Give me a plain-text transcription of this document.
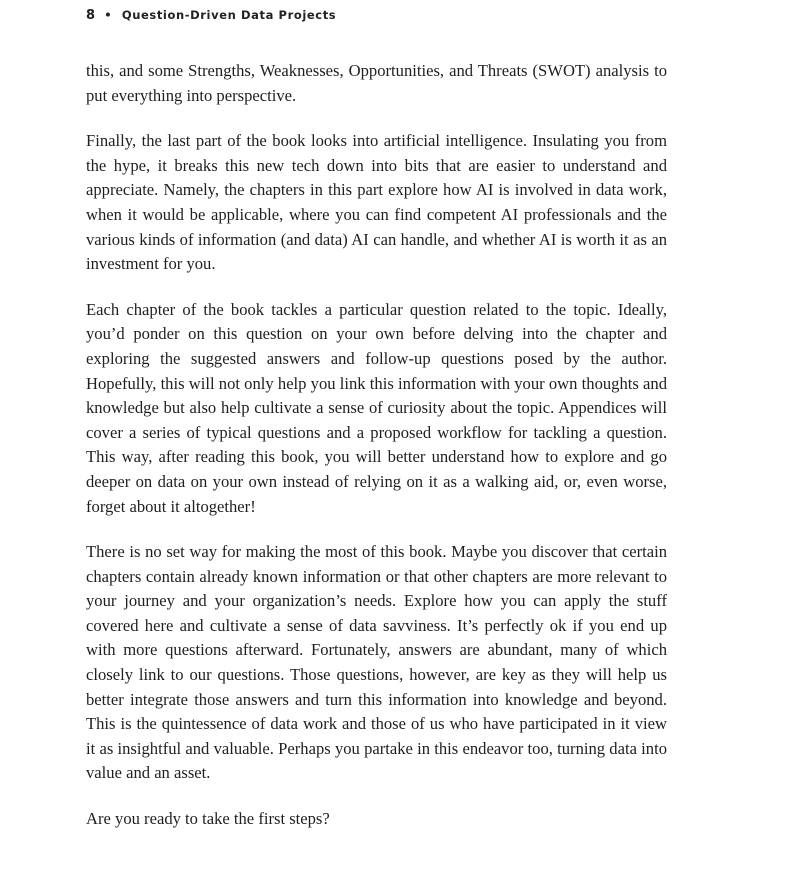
8 • Question-Driven Data Projects

this, and some Strengths, Weaknesses, Opportunities, and Threats (SWOT) analysis to put everything into perspective.

Finally, the last part of the book looks into artificial intelligence. Insulating you from the hype, it breaks this new tech down into bits that are easier to understand and appreciate. Namely, the chapters in this part explore how AI is involved in data work, when it would be applicable, where you can find competent AI professionals and the various kinds of information (and data) AI can handle, and whether AI is worth it as an investment for you.

Each chapter of the book tackles a particular question related to the topic. Ideally, you’d ponder on this question on your own before delving into the chapter and exploring the suggested answers and follow-up questions posed by the author. Hopefully, this will not only help you link this information with your own thoughts and knowledge but also help cultivate a sense of curiosity about the topic. Appendices will cover a series of typical questions and a proposed workflow for tackling a question. This way, after reading this book, you will better understand how to explore and go deeper on data on your own instead of relying on it as a walking aid, or, even worse, forget about it altogether!

There is no set way for making the most of this book. Maybe you discover that certain chapters contain already known information or that other chapters are more relevant to your journey and your organization’s needs. Explore how you can apply the stuff covered here and cultivate a sense of data savviness. It’s perfectly ok if you end up with more questions afterward. Fortunately, answers are abundant, many of which closely link to our questions. Those questions, however, are key as they will help us better integrate those answers and turn this information into knowledge and beyond. This is the quintessence of data work and those of us who have participated in it view it as insightful and valuable. Perhaps you partake in this endeavor too, turning data into value and an asset.

Are you ready to take the first steps?
